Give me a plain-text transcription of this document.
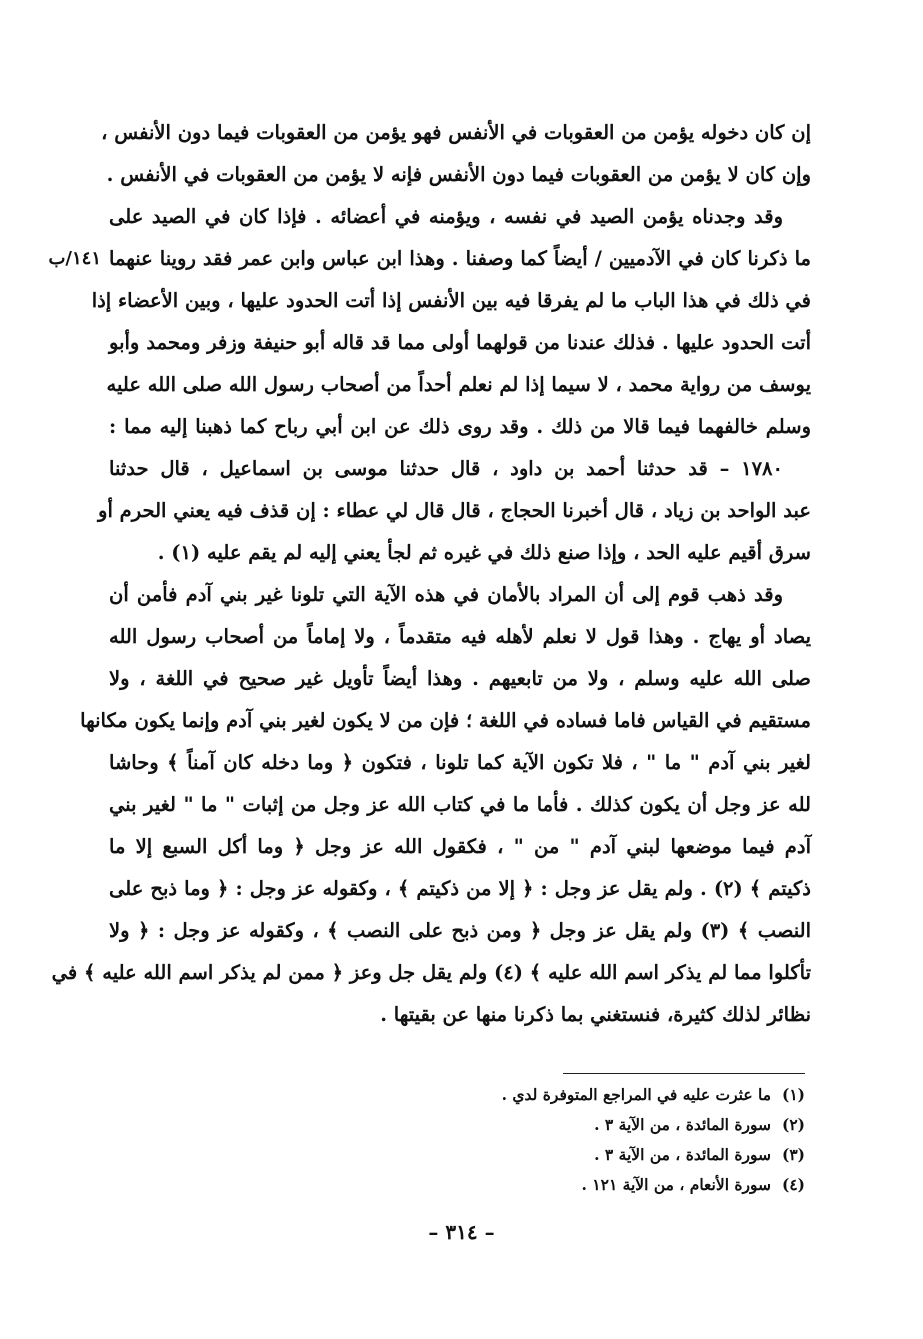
١٤١/ب
إن كان دخوله يؤمن من العقوبات في الأنفس فهو يؤمن من العقوبات فيما دون الأنفس ،
وإن كان لا يؤمن من العقوبات فيما دون الأنفس فإنه لا يؤمن من العقوبات في الأنفس .
وقد وجدناه يؤمن الصيد في نفسه ، ويؤمنه في أعضائه . فإذا كان في الصيد على
ما ذكرنا كان في الآدميين / أيضاً كما وصفنا . وهذا ابن عباس وابن عمر فقد روينا عنهما
في ذلك في هذا الباب ما لم يفرقا فيه بين الأنفس إذا أتت الحدود عليها ، وبين الأعضاء إذا
أتت الحدود عليها . فذلك عندنا من قولهما أولى مما قد قاله أبو حنيفة وزفر ومحمد وأبو
يوسف من رواية محمد ، لا سيما إذا لم نعلم أحداً من أصحاب رسول الله صلى الله عليه
وسلم خالفهما فيما قالا من ذلك . وقد روى ذلك عن ابن أبي رباح كما ذهبنا إليه مما :
١٧٨٠ – قد حدثنا أحمد بن داود ، قال حدثنا موسى بن اسماعيل ، قال حدثنا
عبد الواحد بن زياد ، قال أخبرنا الحجاج ، قال قال لي عطاء : إن قذف فيه يعني الحرم أو
سرق أقيم عليه الحد ، وإذا صنع ذلك في غيره ثم لجأ يعني إليه لم يقم عليه (١) .
وقد ذهب قوم إلى أن المراد بالأمان في هذه الآية التي تلونا غير بني آدم فأمن أن
يصاد أو يهاج . وهذا قول لا نعلم لأهله فيه متقدماً ، ولا إماماً من أصحاب رسول الله
صلى الله عليه وسلم ، ولا من تابعيهم . وهذا أيضاً تأويل غير صحيح في اللغة ، ولا
مستقيم في القياس فاما فساده في اللغة ؛ فإن من لا يكون لغير بني آدم وإنما يكون مكانها
لغير بني آدم " ما " ، فلا تكون الآية كما تلونا ، فتكون ﴿ وما دخله كان آمناً ﴾ وحاشا
لله عز وجل أن يكون كذلك . فأما ما في كتاب الله عز وجل من إثبات " ما " لغير بني
آدم فيما موضعها لبني آدم " من " ، فكقول الله عز وجل ﴿ وما أكل السبع إلا ما
ذكيتم ﴾ (٢) . ولم يقل عز وجل : ﴿ إلا من ذكيتم ﴾ ، وكقوله عز وجل : ﴿ وما ذبح على
النصب ﴾ (٣) ولم يقل عز وجل ﴿ ومن ذبح على النصب ﴾ ، وكقوله عز وجل : ﴿ ولا
تأكلوا مما لم يذكر اسم الله عليه ﴾ (٤) ولم يقل جل وعز ﴿ ممن لم يذكر اسم الله عليه ﴾ في
نظائر لذلك كثيرة، فنستغني بما ذكرنا منها عن بقيتها .
(١)
ما عثرت عليه في المراجع المتوفرة لدي .
(٢)
سورة المائدة ، من الآية ٣ .
(٣)
سورة المائدة ، من الآية ٣ .
(٤)
سورة الأنعام ، من الآية ١٢١ .
– ٣١٤ –
